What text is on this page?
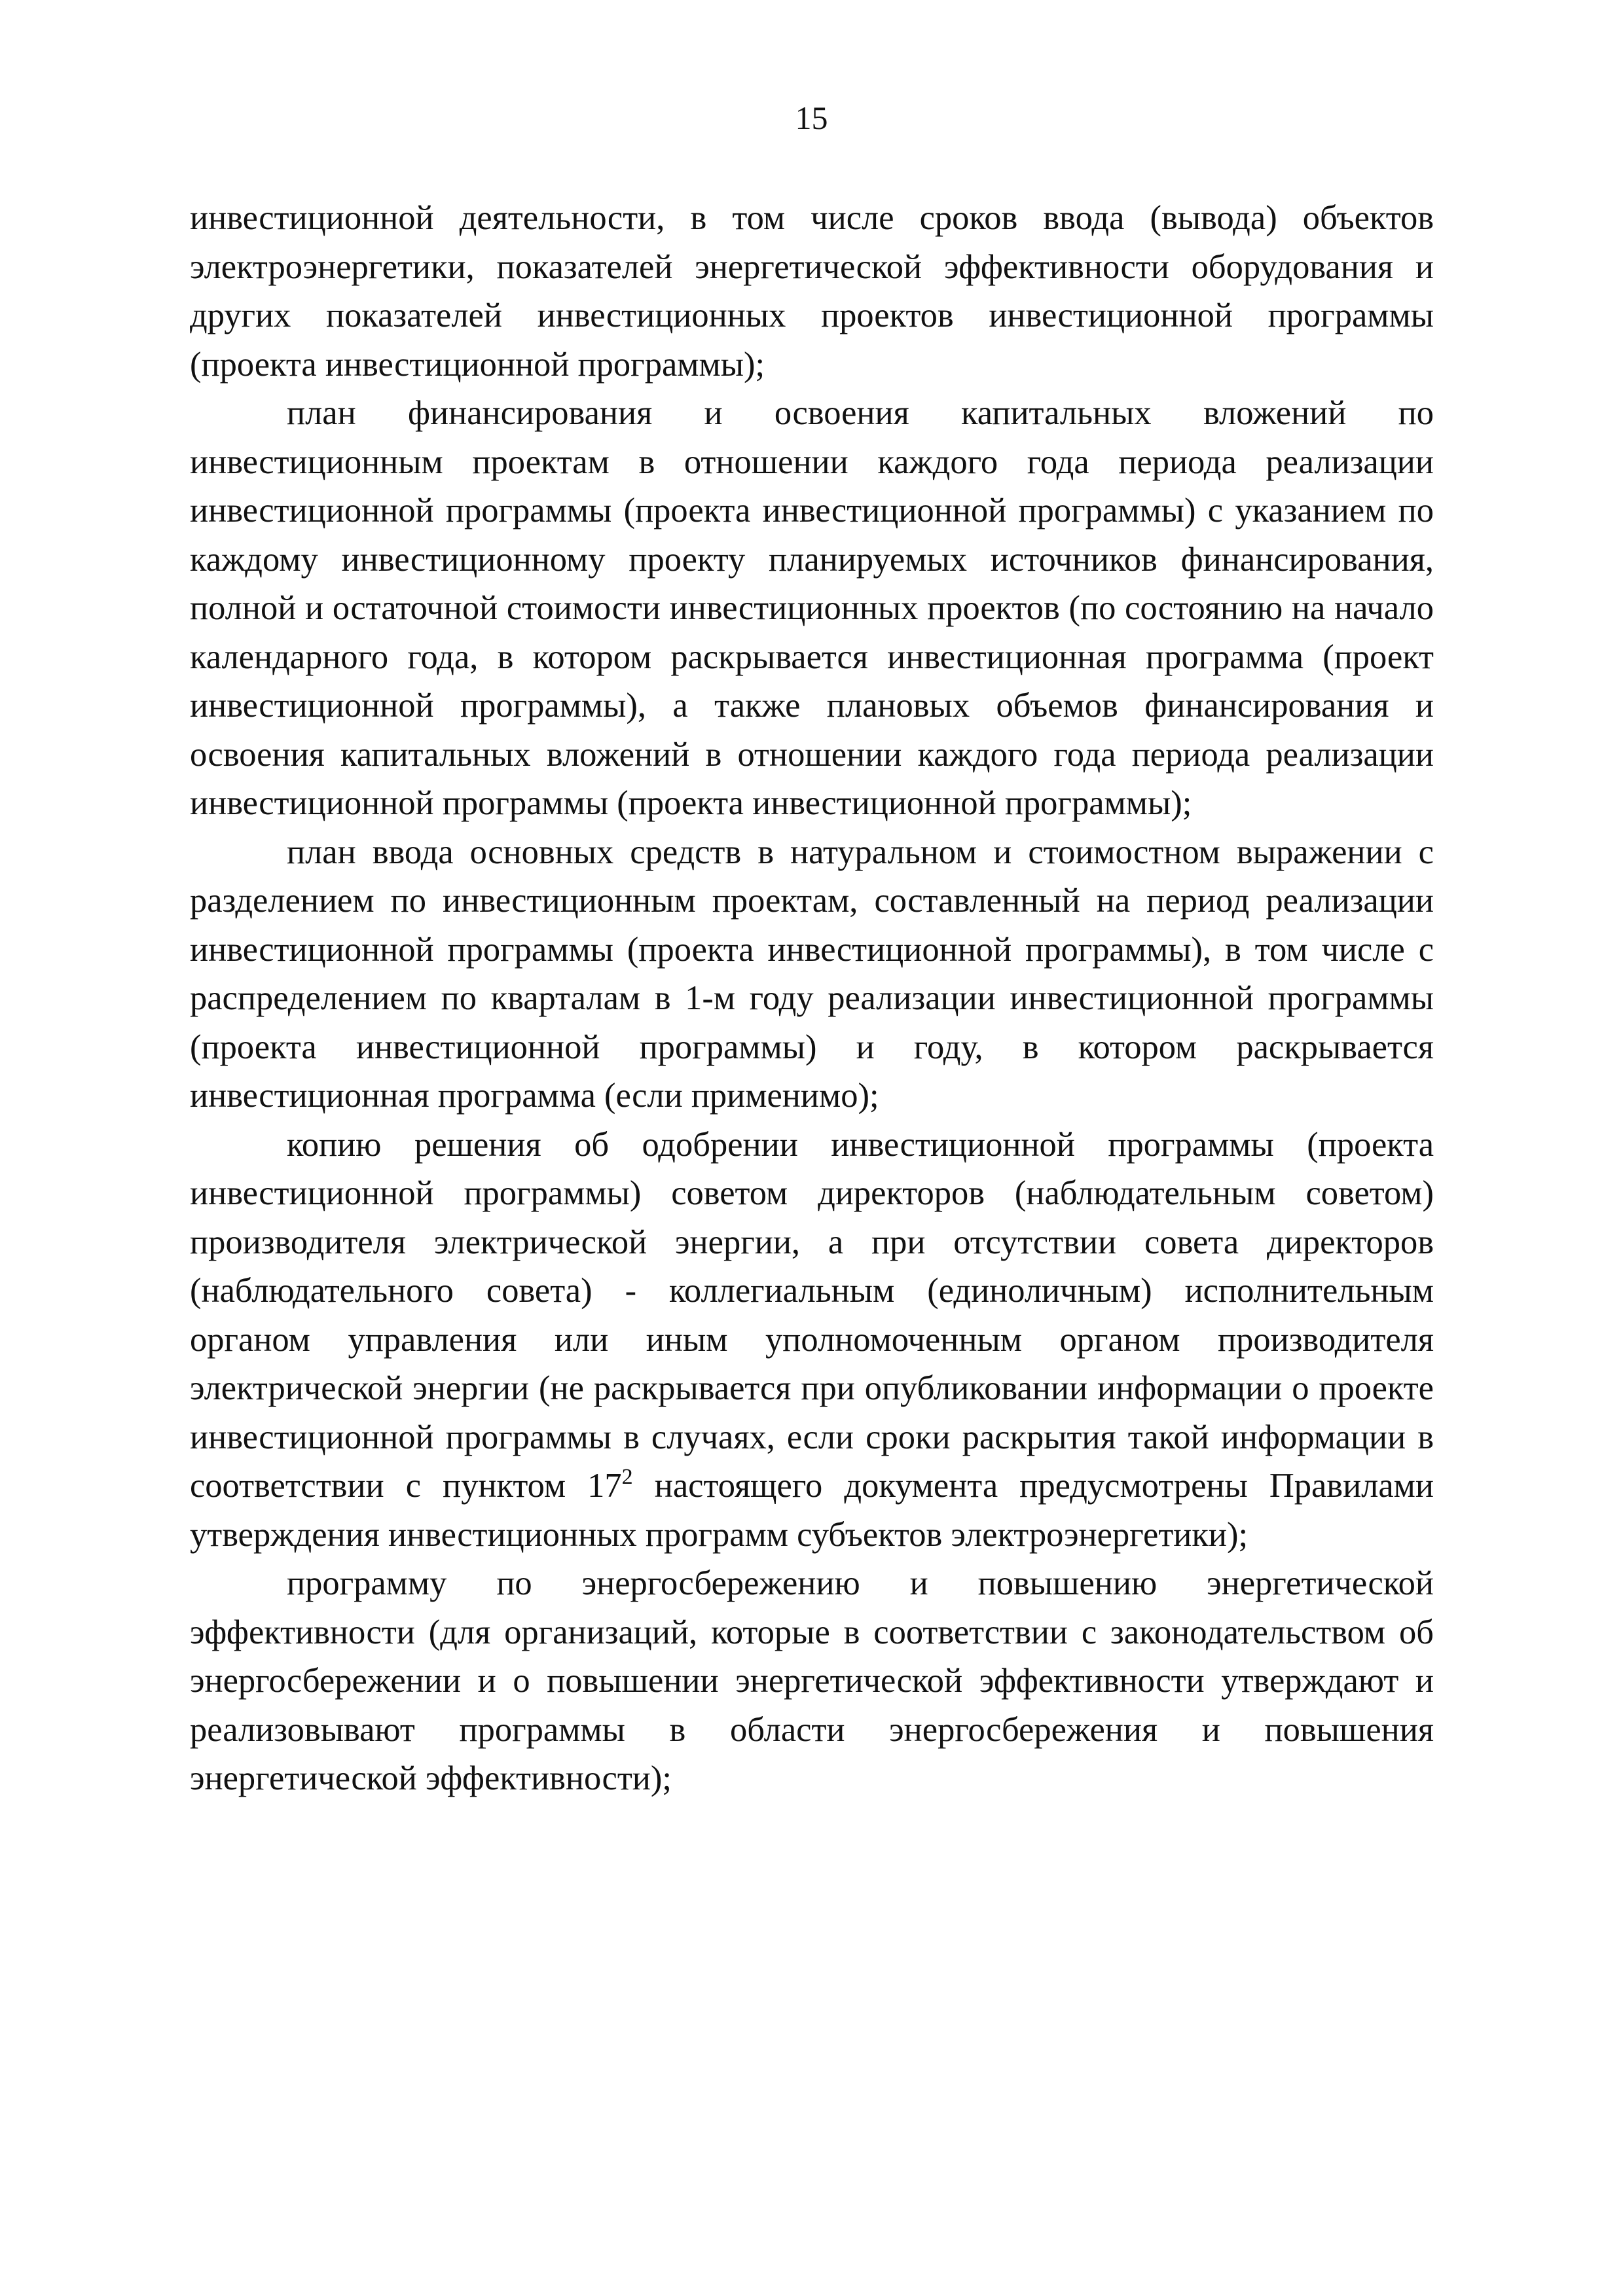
15

инвестиционной деятельности, в том числе сроков ввода (вывода) объектов электроэнергетики, показателей энергетической эффективности оборудования и других показателей инвестиционных проектов инвестиционной программы (проекта инвестиционной программы);

план финансирования и освоения капитальных вложений по инвестиционным проектам в отношении каждого года периода реализации инвестиционной программы (проекта инвестиционной программы) с указанием по каждому инвестиционному проекту планируемых источников финансирования, полной и остаточной стоимости инвестиционных проектов (по состоянию на начало календарного года, в котором раскрывается инвестиционная программа (проект инвестиционной программы), а также плановых объемов финансирования и освоения капитальных вложений в отношении каждого года периода реализации инвестиционной программы (проекта инвестиционной программы);

план ввода основных средств в натуральном и стоимостном выражении с разделением по инвестиционным проектам, составленный на период реализации инвестиционной программы (проекта инвестиционной программы), в том числе с распределением по кварталам в 1-м году реализации инвестиционной программы (проекта инвестиционной программы) и году, в котором раскрывается инвестиционная программа (если применимо);

копию решения об одобрении инвестиционной программы (проекта инвестиционной программы) советом директоров (наблюдательным советом) производителя электрической энергии, а при отсутствии совета директоров (наблюдательного совета) - коллегиальным (единоличным) исполнительным органом управления или иным уполномоченным органом производителя электрической энергии (не раскрывается при опубликовании информации о проекте инвестиционной программы в случаях, если сроки раскрытия такой информации в соответствии с пунктом $17^2$ настоящего документа предусмотрены Правилами утверждения инвестиционных программ субъектов электроэнергетики);

программу по энергосбережению и повышению энергетической эффективности (для организаций, которые в соответствии с законодательством об энергосбережении и о повышении энергетической эффективности утверждают и реализовывают программы в области энергосбережения и повышения энергетической эффективности);
